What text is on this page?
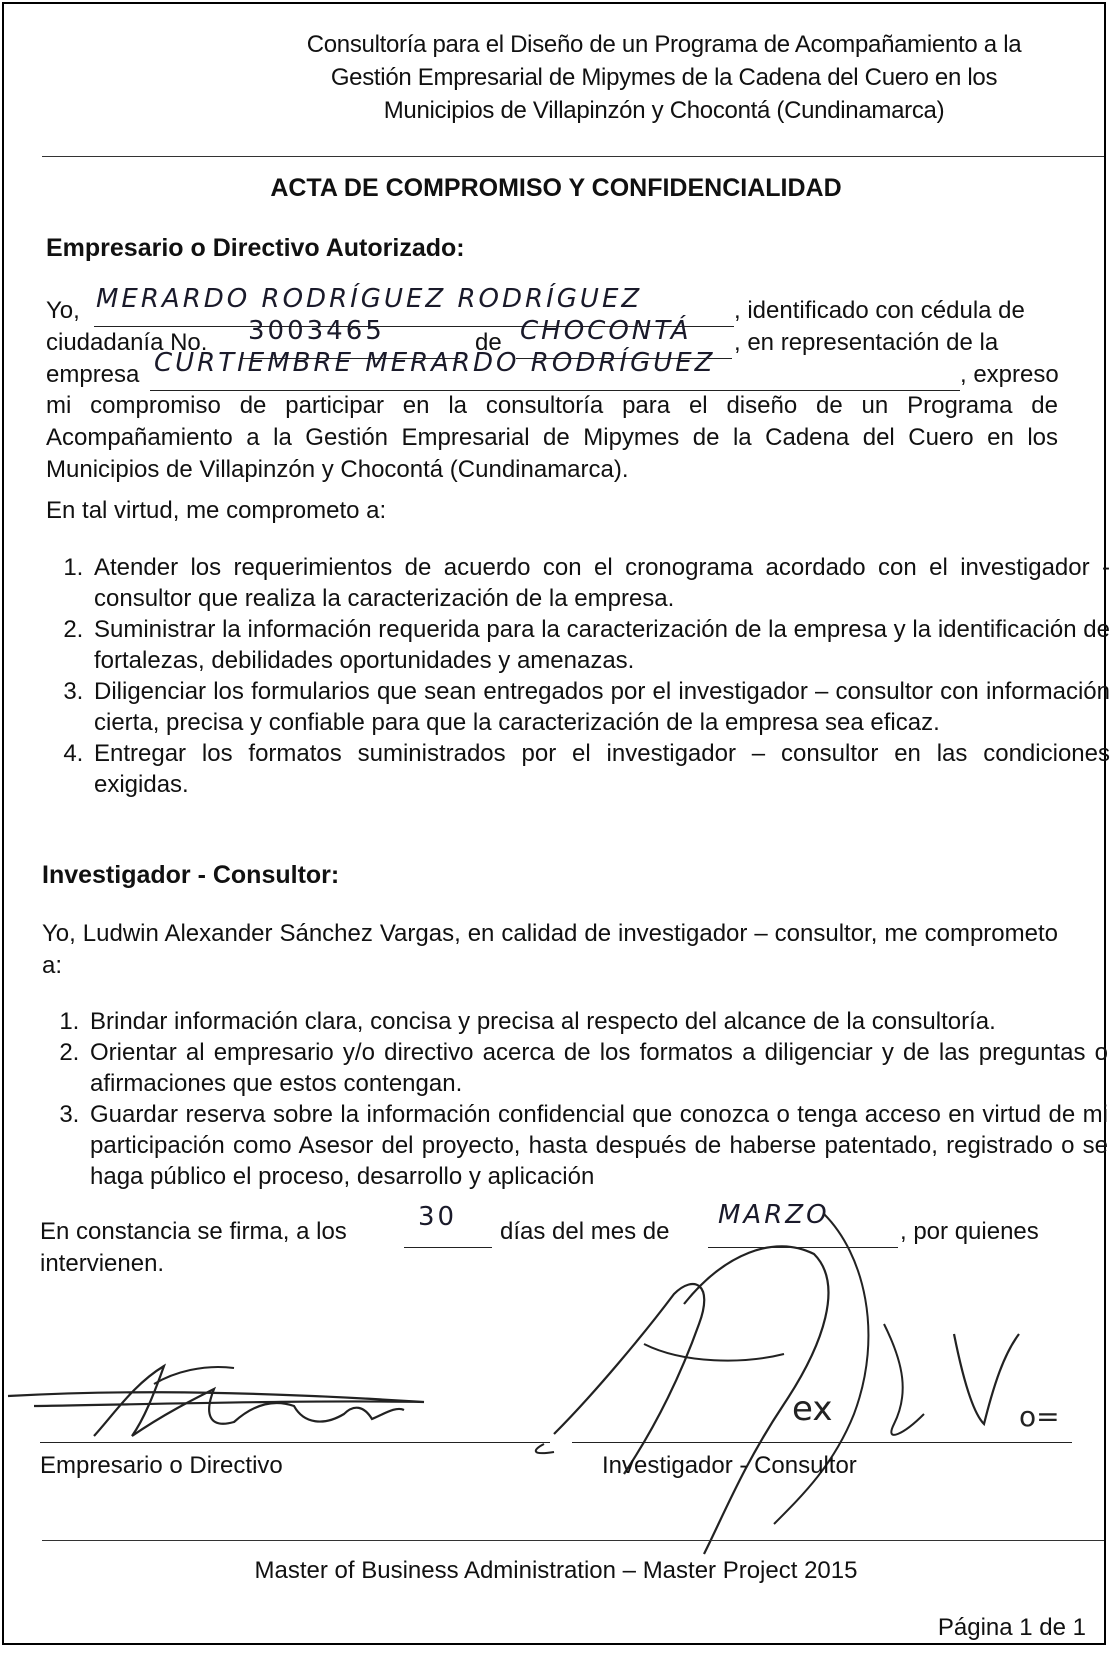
Consultoría para el Diseño de un Programa de Acompañamiento a la
Gestión Empresarial de Mipymes de la Cadena del Cuero en los
Municipios de Villapinzón y Chocontá (Cundinamarca)
ACTA DE COMPROMISO Y CONFIDENCIALIDAD
Empresario o Directivo Autorizado:
Yo, MERARDO RODRÍGUEZ RODRÍGUEZ	, identificado con cédula de
ciudadanía No. 3003465	de CHOCONTÁ , en representación de la
empresa CURTIEMBRE MERARDO RODRÍGUEZ	, expreso
mi compromiso de participar en la consultoría para el diseño de un Programa de Acompañamiento a la Gestión Empresarial de Mipymes de la Cadena del Cuero en los Municipios de Villapinzón y Chocontá (Cundinamarca).
En tal virtud, me comprometo a:
1. Atender los requerimientos de acuerdo con el cronograma acordado con el investigador - consultor que realiza la caracterización de la empresa.
2. Suministrar la información requerida para la caracterización de la empresa y la identificación de fortalezas, debilidades oportunidades y amenazas.
3. Diligenciar los formularios que sean entregados por el investigador – consultor con información cierta, precisa y confiable para que la caracterización de la empresa sea eficaz.
4. Entregar los formatos suministrados por el investigador – consultor en las condiciones exigidas.
Investigador - Consultor:
Yo, Ludwin Alexander Sánchez Vargas, en calidad de investigador – consultor, me comprometo a:
1. Brindar información clara, concisa y precisa al respecto del alcance de la consultoría.
2. Orientar al empresario y/o directivo acerca de los formatos a diligenciar y de las preguntas o afirmaciones que estos contengan.
3. Guardar reserva sobre la información confidencial que conozca o tenga acceso en virtud de mi participación como Asesor del proyecto, hasta después de haberse patentado, registrado o se haga público el proceso, desarrollo y aplicación
En constancia se firma, a los	30 días del mes de
MARZO
, por quienes
intervienen.
ex	o=
Empresario o Directivo	Investigador - Consultor
Master of Business Administration – Master Project 2015
Página 1 de 1
